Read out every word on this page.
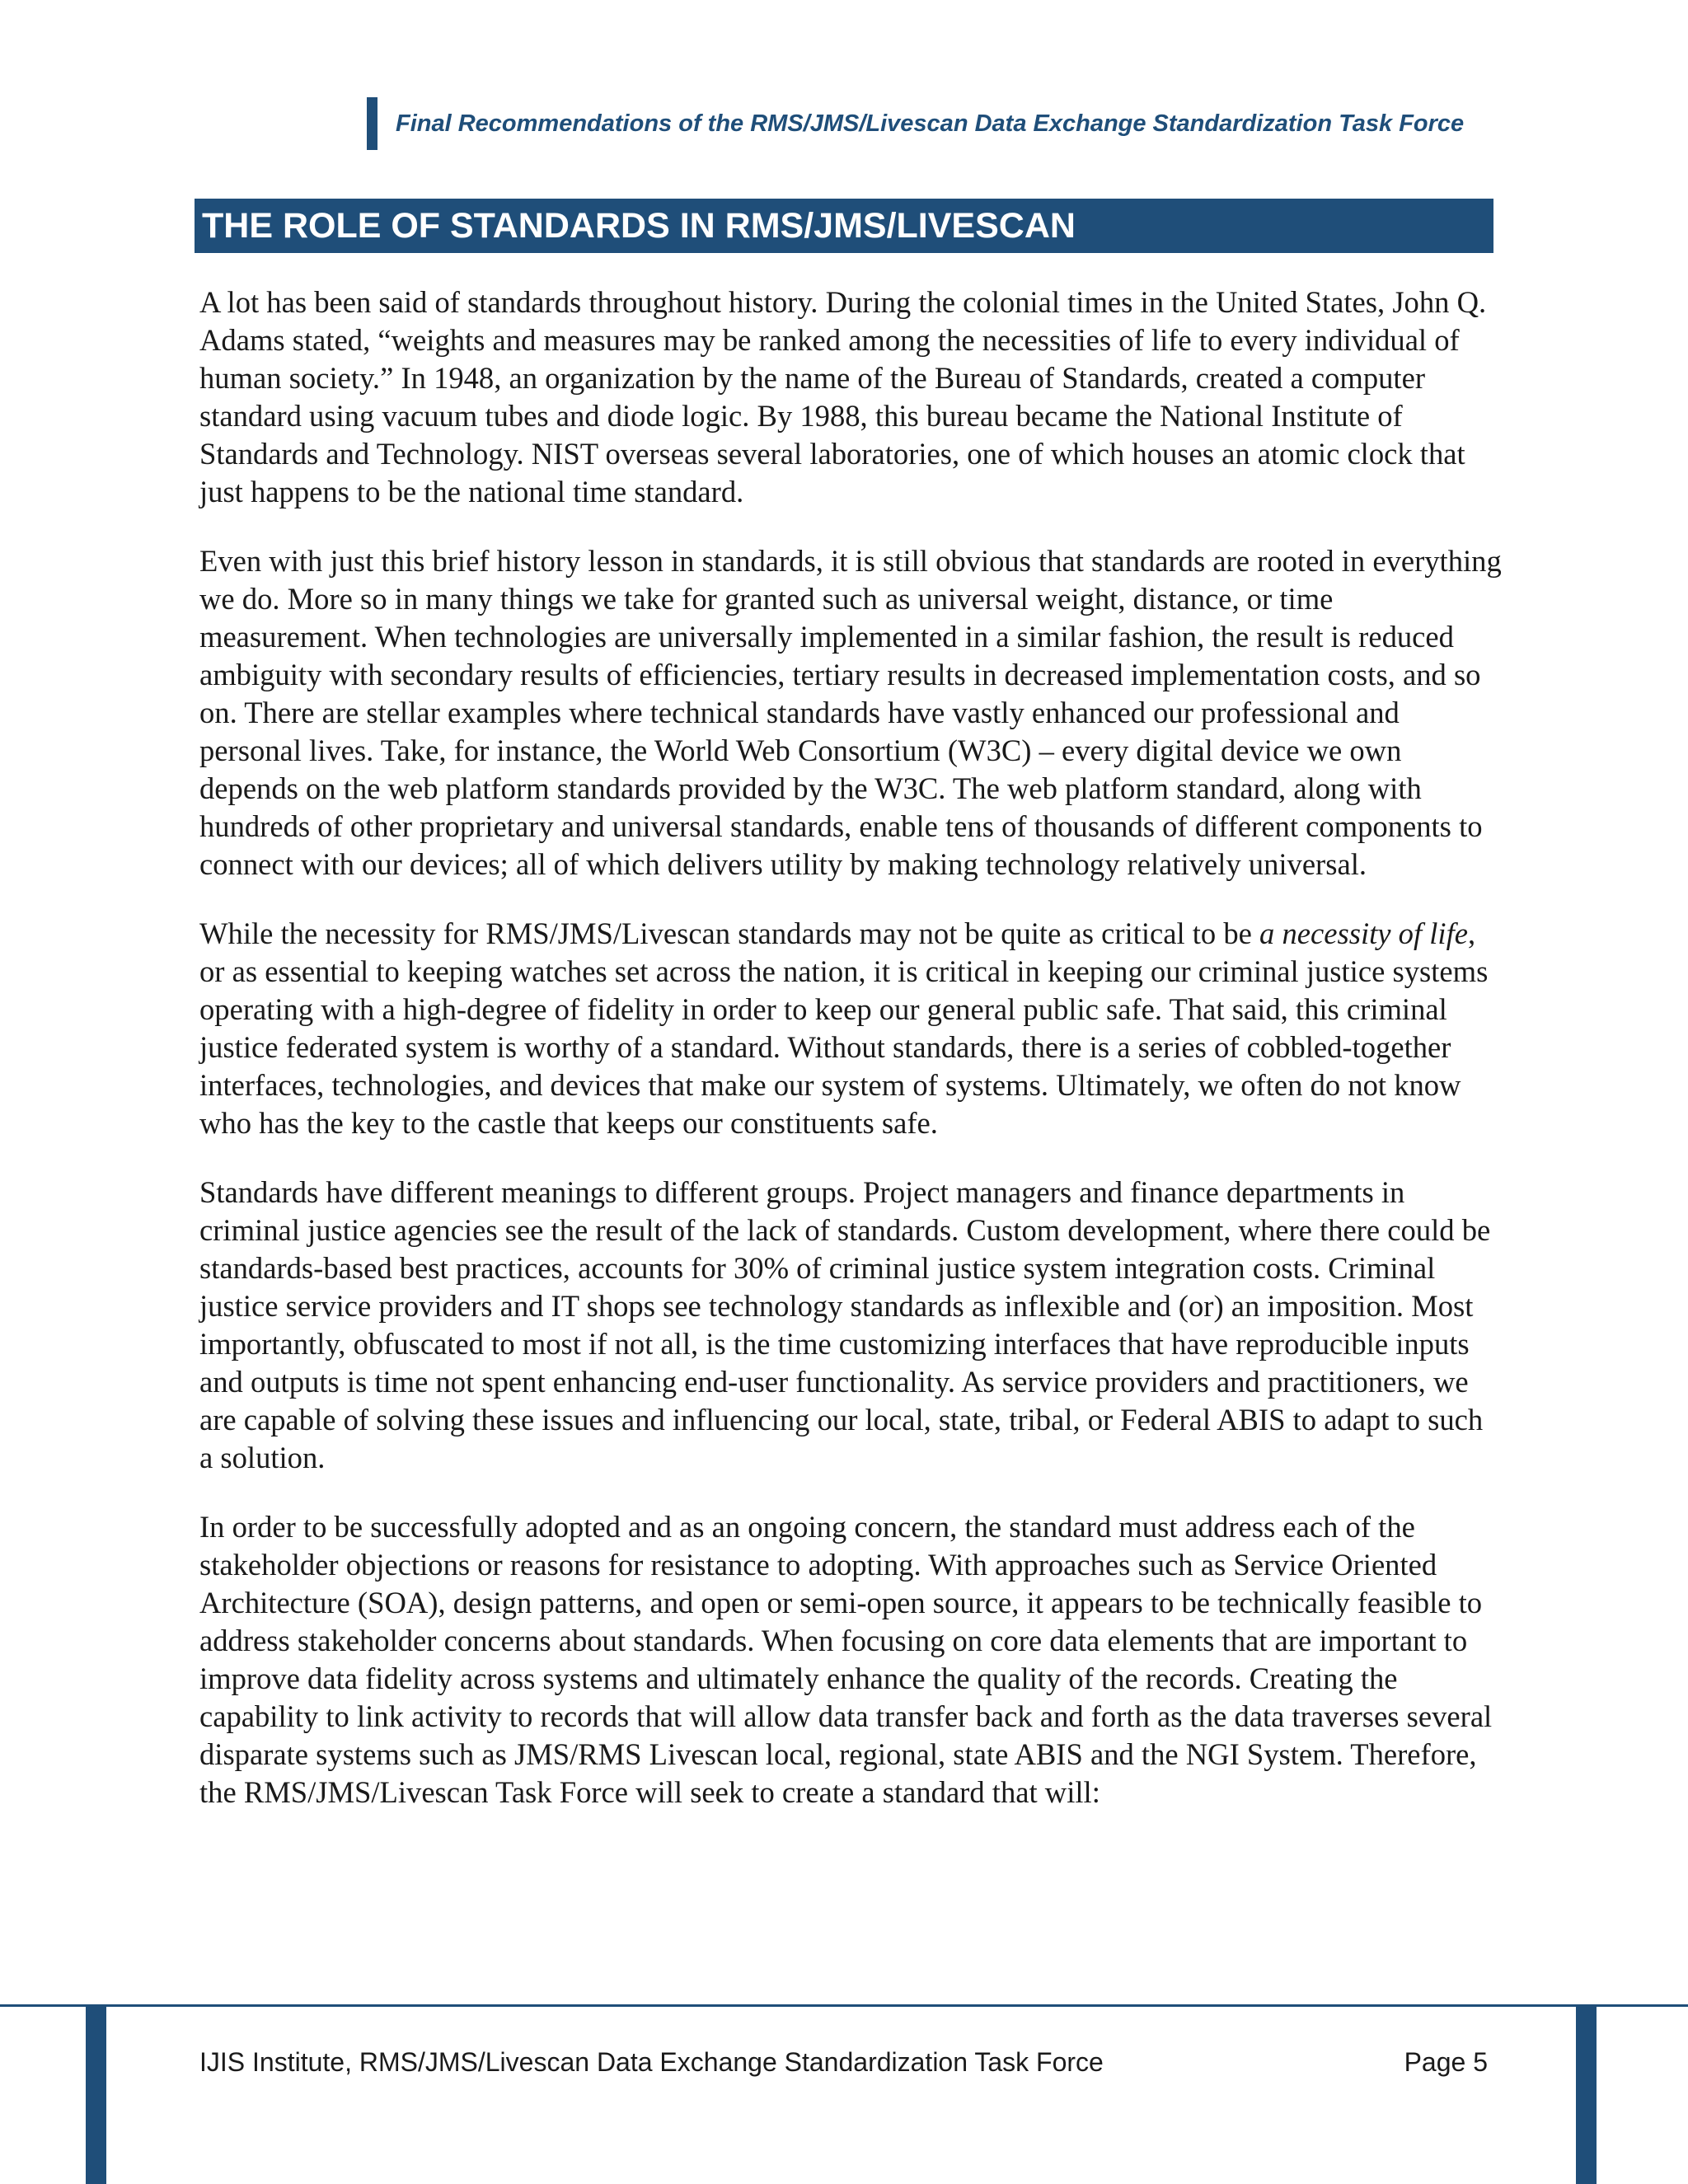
Final Recommendations of the RMS/JMS/Livescan Data Exchange Standardization Task Force
THE ROLE OF STANDARDS IN RMS/JMS/LIVESCAN

A lot has been said of standards throughout history. During the colonial times in the United States, John Q. Adams stated, “weights and measures may be ranked among the necessities of life to every individual of human society.” In 1948, an organization by the name of the Bureau of Standards, created a computer standard using vacuum tubes and diode logic. By 1988, this bureau became the National Institute of Standards and Technology. NIST overseas several laboratories, one of which houses an atomic clock that just happens to be the national time standard.

Even with just this brief history lesson in standards, it is still obvious that standards are rooted in everything we do. More so in many things we take for granted such as universal weight, distance, or time measurement. When technologies are universally implemented in a similar fashion, the result is reduced ambiguity with secondary results of efficiencies, tertiary results in decreased implementation costs, and so on. There are stellar examples where technical standards have vastly enhanced our professional and personal lives. Take, for instance, the World Web Consortium (W3C) – every digital device we own depends on the web platform standards provided by the W3C. The web platform standard, along with hundreds of other proprietary and universal standards, enable tens of thousands of different components to connect with our devices; all of which delivers utility by making technology relatively universal.

While the necessity for RMS/JMS/Livescan standards may not be quite as critical to be a necessity of life, or as essential to keeping watches set across the nation, it is critical in keeping our criminal justice systems operating with a high-degree of fidelity in order to keep our general public safe. That said, this criminal justice federated system is worthy of a standard. Without standards, there is a series of cobbled-together interfaces, technologies, and devices that make our system of systems. Ultimately, we often do not know who has the key to the castle that keeps our constituents safe.

Standards have different meanings to different groups. Project managers and finance departments in criminal justice agencies see the result of the lack of standards. Custom development, where there could be standards-based best practices, accounts for 30% of criminal justice system integration costs. Criminal justice service providers and IT shops see technology standards as inflexible and (or) an imposition. Most importantly, obfuscated to most if not all, is the time customizing interfaces that have reproducible inputs and outputs is time not spent enhancing end-user functionality. As service providers and practitioners, we are capable of solving these issues and influencing our local, state, tribal, or Federal ABIS to adapt to such a solution.

In order to be successfully adopted and as an ongoing concern, the standard must address each of the stakeholder objections or reasons for resistance to adopting. With approaches such as Service Oriented Architecture (SOA), design patterns, and open or semi-open source, it appears to be technically feasible to address stakeholder concerns about standards. When focusing on core data elements that are important to improve data fidelity across systems and ultimately enhance the quality of the records. Creating the capability to link activity to records that will allow data transfer back and forth as the data traverses several disparate systems such as JMS/RMS Livescan local, regional, state ABIS and the NGI System. Therefore, the RMS/JMS/Livescan Task Force will seek to create a standard that will:

IJIS Institute, RMS/JMS/Livescan Data Exchange Standardization Task Force	Page 5
